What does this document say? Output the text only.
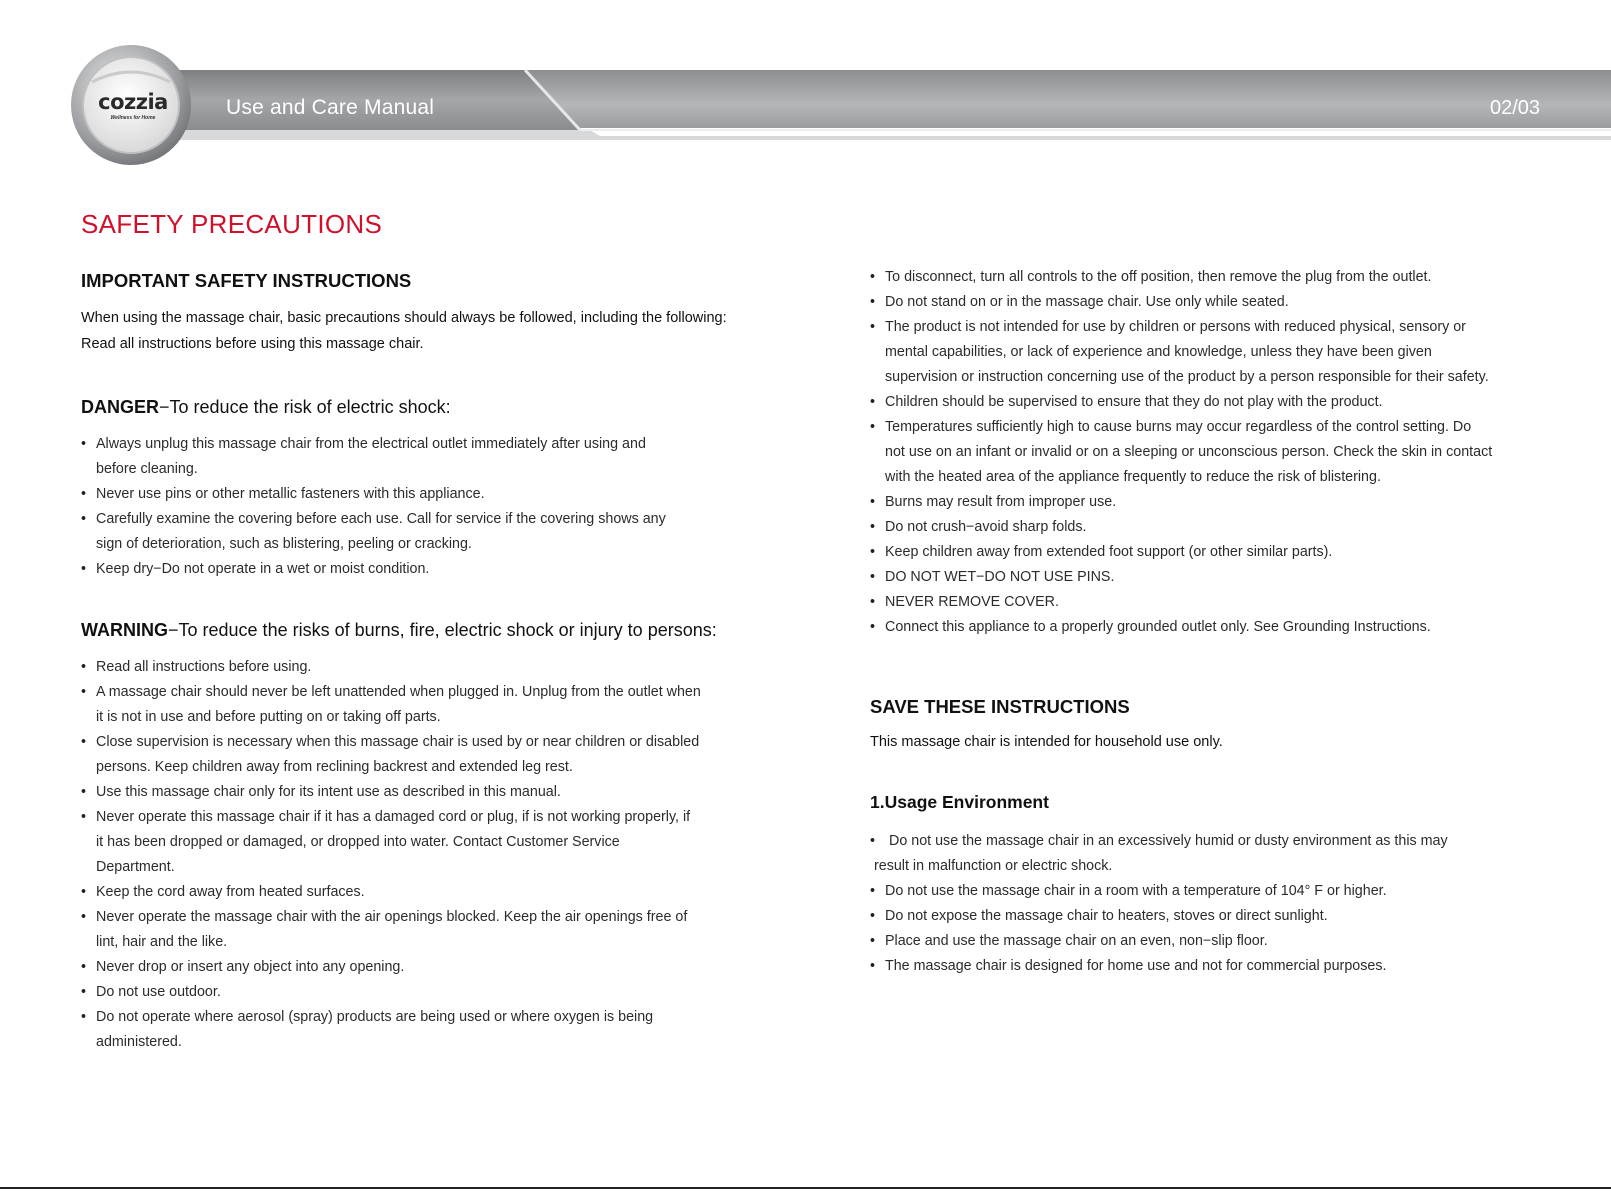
cozzia
Wellness for Home	Use and Care Manual	02/03
SAFETY PRECAUTIONS
IMPORTANT SAFETY INSTRUCTIONS

When using the massage chair, basic precautions should always be followed, including the following:

Read all instructions before using this massage chair.

DANGER−To reduce the risk of electric shock:

• Always unplug this massage chair from the electrical outlet immediately after using and before cleaning.
• Never use pins or other metallic fasteners with this appliance.
• Carefully examine the covering before each use. Call for service if the covering shows any sign of deterioration, such as blistering, peeling or cracking.
• Keep dry−Do not operate in a wet or moist condition.

WARNING−To reduce the risks of burns, fire, electric shock or injury to persons:

• Read all instructions before using.
• A massage chair should never be left unattended when plugged in. Unplug from the outlet when it is not in use and before putting on or taking off parts.
• Close supervision is necessary when this massage chair is used by or near children or disabled persons. Keep children away from reclining backrest and extended leg rest.
• Use this massage chair only for its intent use as described in this manual.
• Never operate this massage chair if it has a damaged cord or plug, if is not working properly, if it has been dropped or damaged, or dropped into water. Contact Customer Service Department.
• Keep the cord away from heated surfaces.
• Never operate the massage chair with the air openings blocked. Keep the air openings free of lint, hair and the like.
• Never drop or insert any object into any opening.
• Do not use outdoor.
• Do not operate where aerosol (spray) products are being used or where oxygen is being administered.
• To disconnect, turn all controls to the off position, then remove the plug from the outlet.
• Do not stand on or in the massage chair. Use only while seated.
• The product is not intended for use by children or persons with reduced physical, sensory or mental capabilities, or lack of experience and knowledge, unless they have been given supervision or instruction concerning use of the product by a person responsible for their safety.
• Children should be supervised to ensure that they do not play with the product.
• Temperatures sufficiently high to cause burns may occur regardless of the control setting. Do not use on an infant or invalid or on a sleeping or unconscious person. Check the skin in contact with the heated area of the appliance frequently to reduce the risk of blistering.
• Burns may result from improper use.
• Do not crush−avoid sharp folds.
• Keep children away from extended foot support (or other similar parts).
• DO NOT WET−DO NOT USE PINS.
• NEVER REMOVE COVER.
• Connect this appliance to a properly grounded outlet only. See Grounding Instructions.
SAVE THESE INSTRUCTIONS

This massage chair is intended for household use only.

1.Usage Environment
• Do not use the massage chair in an excessively humid or dusty environment as this may
result in malfunction or electric shock.
• Do not use the massage chair in a room with a temperature of 104° F or higher.
• Do not expose the massage chair to heaters, stoves or direct sunlight.
• Place and use the massage chair on an even, non−slip floor.
• The massage chair is designed for home use and not for commercial purposes.
